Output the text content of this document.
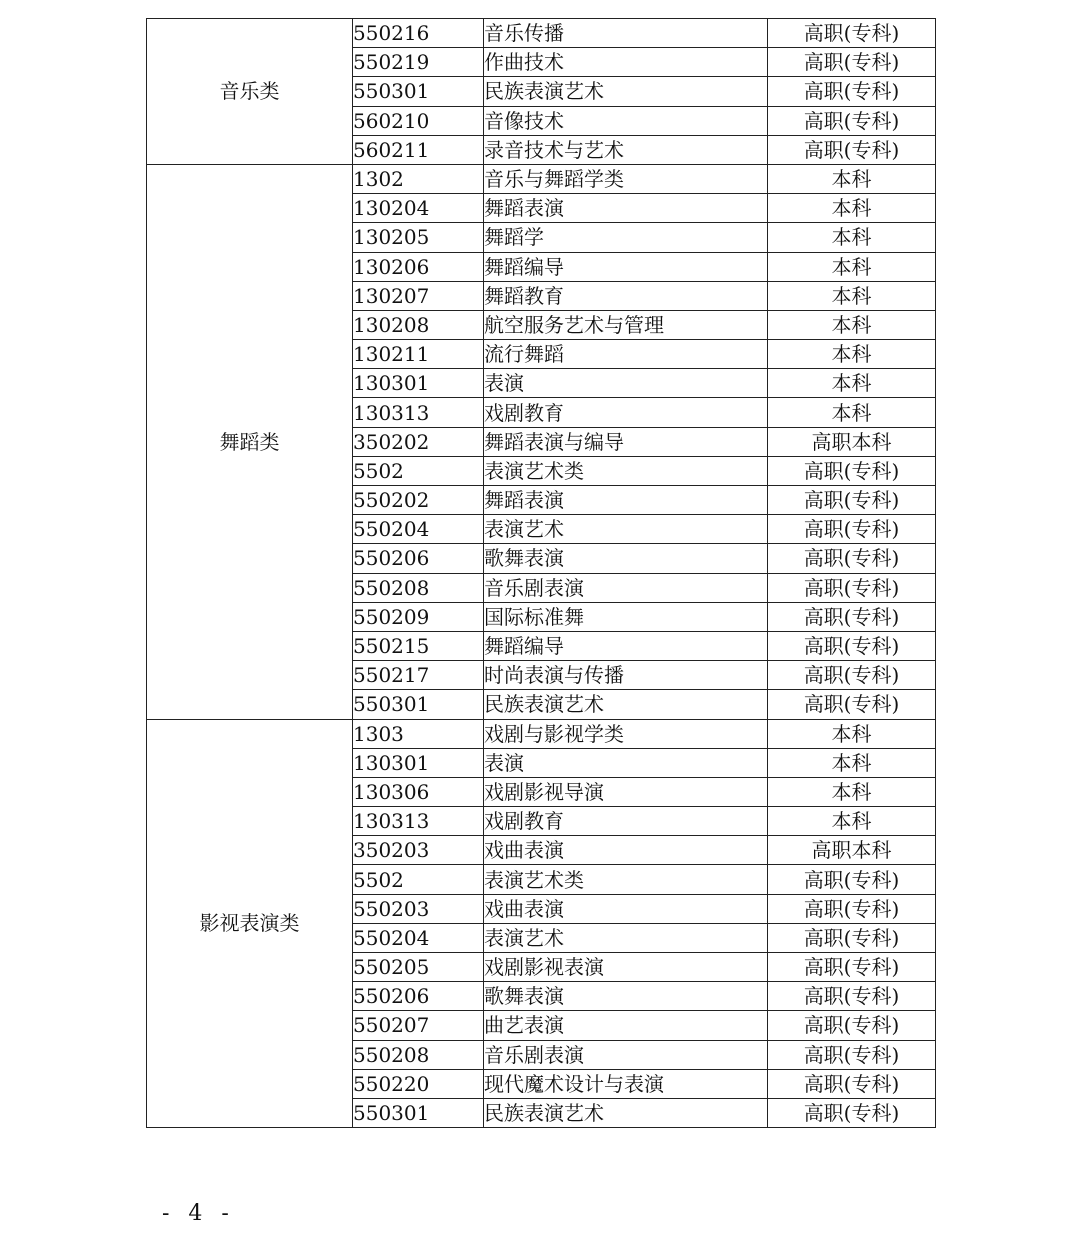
音乐类	550216	音乐传播	高职(专科)
	550219	作曲技术	高职(专科)
	550301	民族表演艺术	高职(专科)
	560210	音像技术	高职(专科)
	560211	录音技术与艺术	高职(专科)
舞蹈类	1302	音乐与舞蹈学类	本科
	130204	舞蹈表演	本科
	130205	舞蹈学	本科
	130206	舞蹈编导	本科
	130207	舞蹈教育	本科
	130208	航空服务艺术与管理	本科
	130211	流行舞蹈	本科
	130301	表演	本科
	130313	戏剧教育	本科
	350202	舞蹈表演与编导	高职本科
	5502	表演艺术类	高职(专科)
	550202	舞蹈表演	高职(专科)
	550204	表演艺术	高职(专科)
	550206	歌舞表演	高职(专科)
	550208	音乐剧表演	高职(专科)
	550209	国际标准舞	高职(专科)
	550215	舞蹈编导	高职(专科)
	550217	时尚表演与传播	高职(专科)
	550301	民族表演艺术	高职(专科)
影视表演类	1303	戏剧与影视学类	本科
	130301	表演	本科
	130306	戏剧影视导演	本科
	130313	戏剧教育	本科
	350203	戏曲表演	高职本科
	5502	表演艺术类	高职(专科)
	550203	戏曲表演	高职(专科)
	550204	表演艺术	高职(专科)
	550205	戏剧影视表演	高职(专科)
	550206	歌舞表演	高职(专科)
	550207	曲艺表演	高职(专科)
	550208	音乐剧表演	高职(专科)
	550220	现代魔术设计与表演	高职(专科)
	550301	民族表演艺术	高职(专科)
- 4 -
